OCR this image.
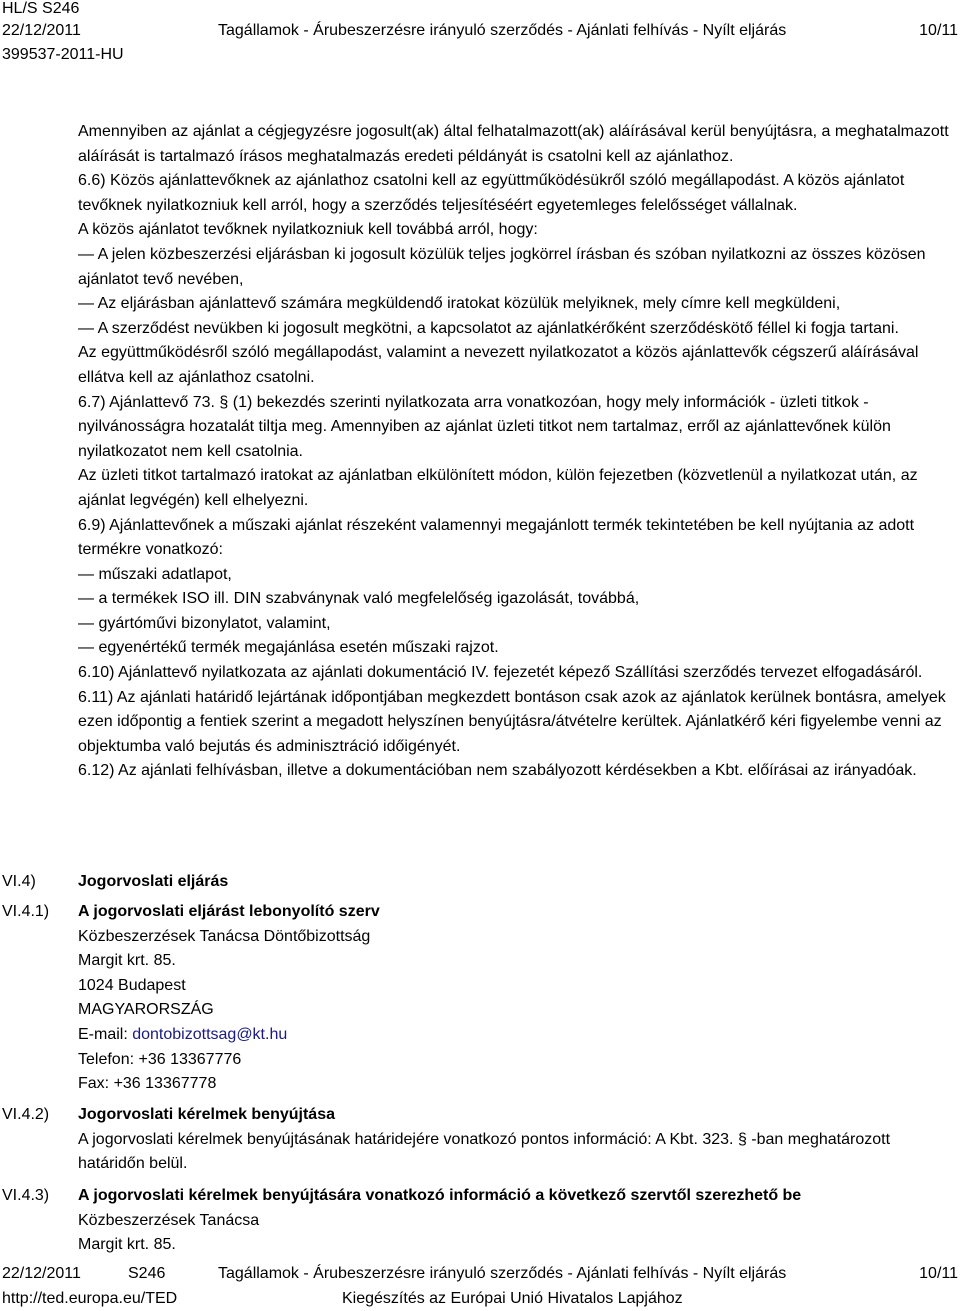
HL/S S246
22/12/2011	Tagállamok - Árubeszerzésre irányuló szerződés - Ajánlati felhívás - Nyílt eljárás	10/11
399537-2011-HU

Amennyiben az ajánlat a cégjegyzésre jogosult(ak) által felhatalmazott(ak) aláírásával kerül benyújtásra, a meghatalmazott aláírását is tartalmazó írásos meghatalmazás eredeti példányát is csatolni kell az ajánlathoz.

6.6) Közös ajánlattevőknek az ajánlathoz csatolni kell az együttműködésükről szóló megállapodást. A közös ajánlatot tevőknek nyilatkozniuk kell arról, hogy a szerződés teljesítéséért egyetemleges felelősséget vállalnak.

A közös ajánlatot tevőknek nyilatkozniuk kell továbbá arról, hogy:

— A jelen közbeszerzési eljárásban ki jogosult közülük teljes jogkörrel írásban és szóban nyilatkozni az összes közösen ajánlatot tevő nevében,

— Az eljárásban ajánlattevő számára megküldendő iratokat közülük melyiknek, mely címre kell megküldeni,

— A szerződést nevükben ki jogosult megkötni, a kapcsolatot az ajánlatkérőként szerződéskötő féllel ki fogja tartani.

Az együttműködésről szóló megállapodást, valamint a nevezett nyilatkozatot a közös ajánlattevők cégszerű aláírásával ellátva kell az ajánlathoz csatolni.

6.7) Ajánlattevő 73. § (1) bekezdés szerinti nyilatkozata arra vonatkozóan, hogy mely információk - üzleti titkok - nyilvánosságra hozatalát tiltja meg. Amennyiben az ajánlat üzleti titkot nem tartalmaz, erről az ajánlattevőnek külön nyilatkozatot nem kell csatolnia.

Az üzleti titkot tartalmazó iratokat az ajánlatban elkülönített módon, külön fejezetben (közvetlenül a nyilatkozat után, az ajánlat legvégén) kell elhelyezni.

6.9) Ajánlattevőnek a műszaki ajánlat részeként valamennyi megajánlott termék tekintetében be kell nyújtania az adott termékre vonatkozó:

— műszaki adatlapot,

— a termékek ISO ill. DIN szabványnak való megfelelőség igazolását, továbbá,

— gyártóművi bizonylatot, valamint,

— egyenértékű termék megajánlása esetén műszaki rajzot.

6.10) Ajánlattevő nyilatkozata az ajánlati dokumentáció IV. fejezetét képező Szállítási szerződés tervezet elfogadásáról.

6.11) Az ajánlati határidő lejártának időpontjában megkezdett bontáson csak azok az ajánlatok kerülnek bontásra, amelyek ezen időpontig a fentiek szerint a megadott helyszínen benyújtásra/átvételre kerültek. Ajánlatkérő kéri figyelembe venni az objektumba való bejutás és adminisztráció időigényét.

6.12) Az ajánlati felhívásban, illetve a dokumentációban nem szabályozott kérdésekben a Kbt. előírásai az irányadóak.

VI.4)	Jogorvoslati eljárás

VI.4.1) A jogorvoslati eljárást lebonyolító szerv

Közbeszerzések Tanácsa Döntőbizottság

Margit krt. 85.

1024 Budapest

MAGYARORSZÁG

E-mail: dontobizottsag@kt.hu

Telefon: +36 13367776

Fax: +36 13367778

VI.4.2) Jogorvoslati kérelmek benyújtása

A jogorvoslati kérelmek benyújtásának határidejére vonatkozó pontos információ: A Kbt. 323. § -ban meghatározott határidőn belül.

VI.4.3) A jogorvoslati kérelmek benyújtására vonatkozó információ a következő szervtől szerezhető be

Közbeszerzések Tanácsa

Margit krt. 85.

22/12/2011	S246	Tagállamok - Árubeszerzésre irányuló szerződés - Ajánlati felhívás - Nyílt eljárás	10/11
http://ted.europa.eu/TED	Kiegészítés az Európai Unió Hivatalos Lapjához
